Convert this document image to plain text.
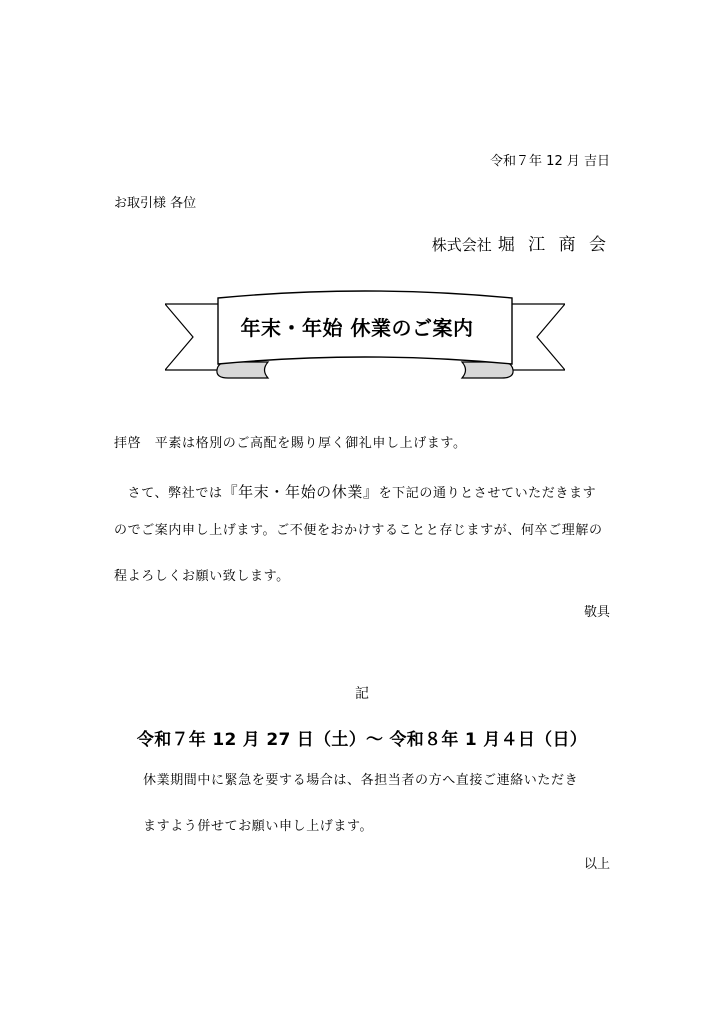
令和７年 12 月 吉日
お取引様 各位
株式会社 堀 江 商 会
年末・年始 休業のご案内
拝啓　平素は格別のご高配を賜り厚く御礼申し上げます。
　さて、弊社では『年末・年始の休業』を下記の通りとさせていただきます
のでご案内申し上げます。ご不便をおかけすることと存じますが、何卒ご理解の
程よろしくお願い致します。
敬具
記
令和７年 12 月 27 日（土）～ 令和８年 1 月４日（日）
休業期間中に緊急を要する場合は、各担当者の方へ直接ご連絡いただき
ますよう併せてお願い申し上げます。
以上
